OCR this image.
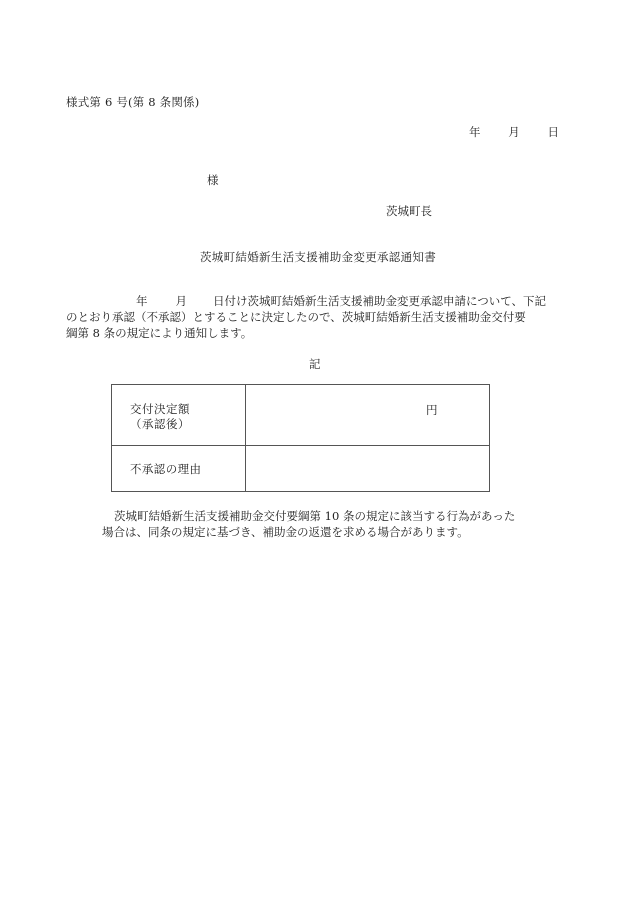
様式第 6 号(第 8 条関係)
年 月 日
様
茨城町長
茨城町結婚新生活支援補助金変更承認通知書
年 月 日付け茨城町結婚新生活支援補助金変更承認申請について、下記
のとおり承認（不承認）とすることに決定したので、茨城町結婚新生活支援補助金交付要
綱第 8 条の規定により通知します。
記
交付決定額
（承認後）	円

不承認の理由	

茨城町結婚新生活支援補助金交付要綱第 10 条の規定に該当する行為があった
場合は、同条の規定に基づき、補助金の返還を求める場合があります。
